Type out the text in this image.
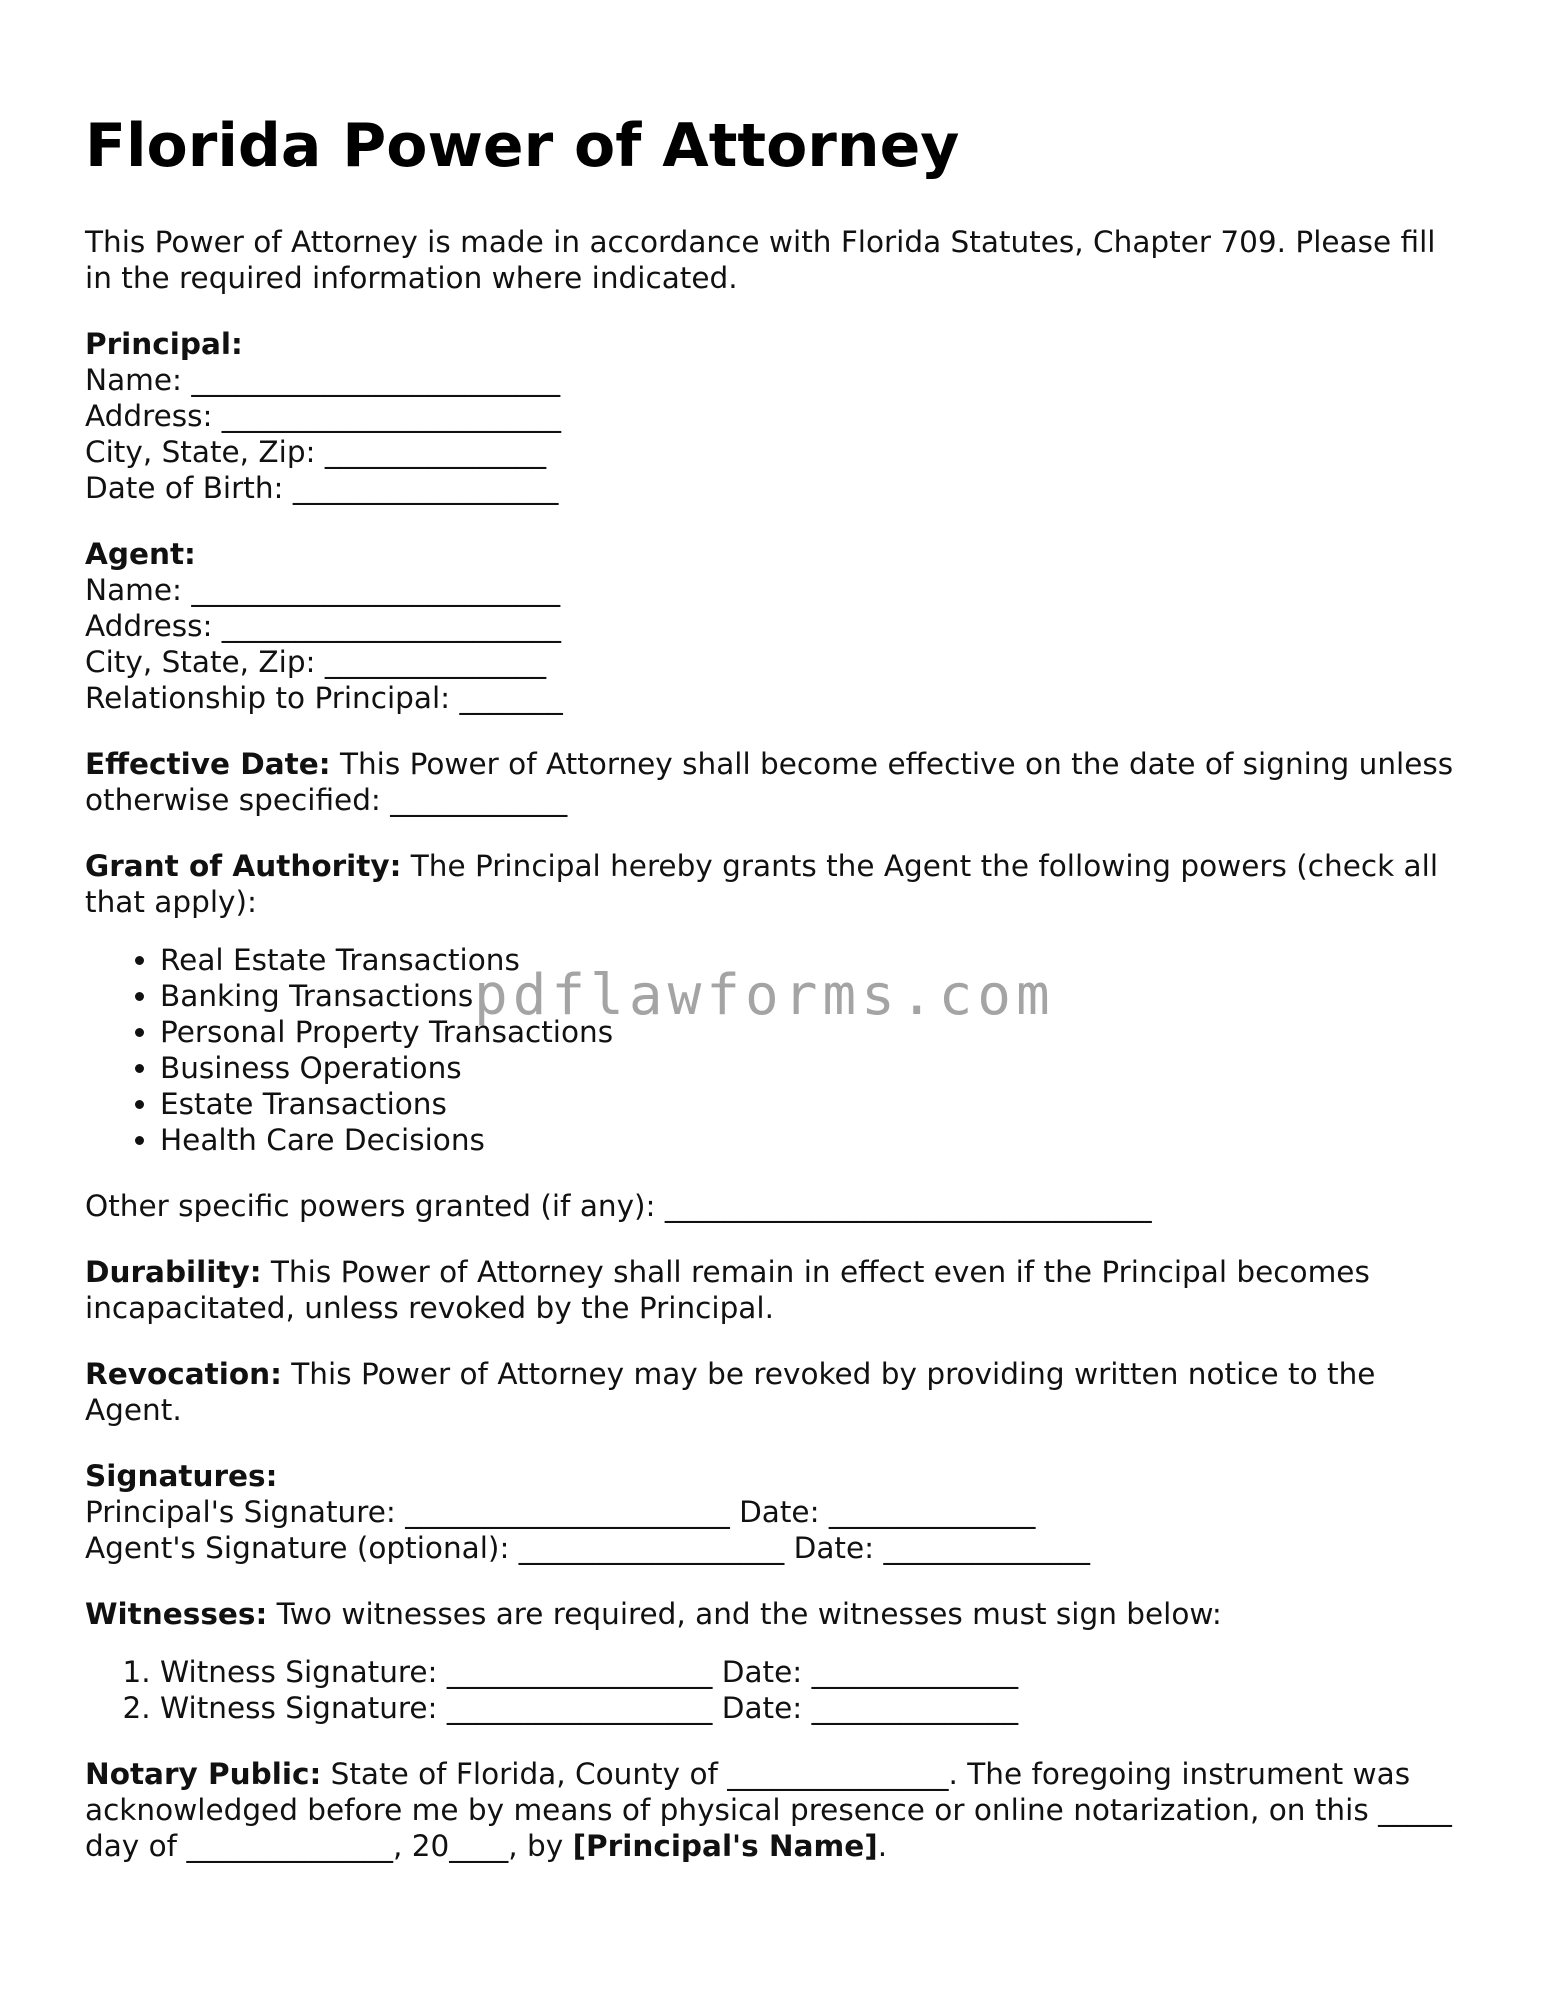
Florida Power of Attorney

This Power of Attorney is made in accordance with Florida Statutes, Chapter 709. Please fill in the required information where indicated.

Principal:
Name: _________________________
Address: _______________________
City, State, Zip: _______________
Date of Birth: __________________
Agent:
Name: _________________________
Address: _______________________
City, State, Zip: _______________
Relationship to Principal: _______

Effective Date: This Power of Attorney shall become effective on the date of signing unless otherwise specified: ____________

Grant of Authority: The Principal hereby grants the Agent the following powers (check all that apply):

• Real Estate Transactions
• Banking Transactions
• Personal Property Transactions
• Business Operations
• Estate Transactions
• Health Care Decisions

Other specific powers granted (if any): _________________________________

Durability: This Power of Attorney shall remain in effect even if the Principal becomes incapacitated, unless revoked by the Principal.

Revocation: This Power of Attorney may be revoked by providing written notice to the Agent.

Signatures:
Principal's Signature: ______________________ Date: ______________
Agent's Signature (optional): __________________ Date: ______________

Witnesses: Two witnesses are required, and the witnesses must sign below:

1. Witness Signature: __________________ Date: ______________
2. Witness Signature: __________________ Date: ______________

Notary Public: State of Florida, County of _______________. The foregoing instrument was acknowledged before me by means of physical presence or online notarization, on this _____ day of ______________, 20____, by [Principal's Name].

pdflawforms.com
